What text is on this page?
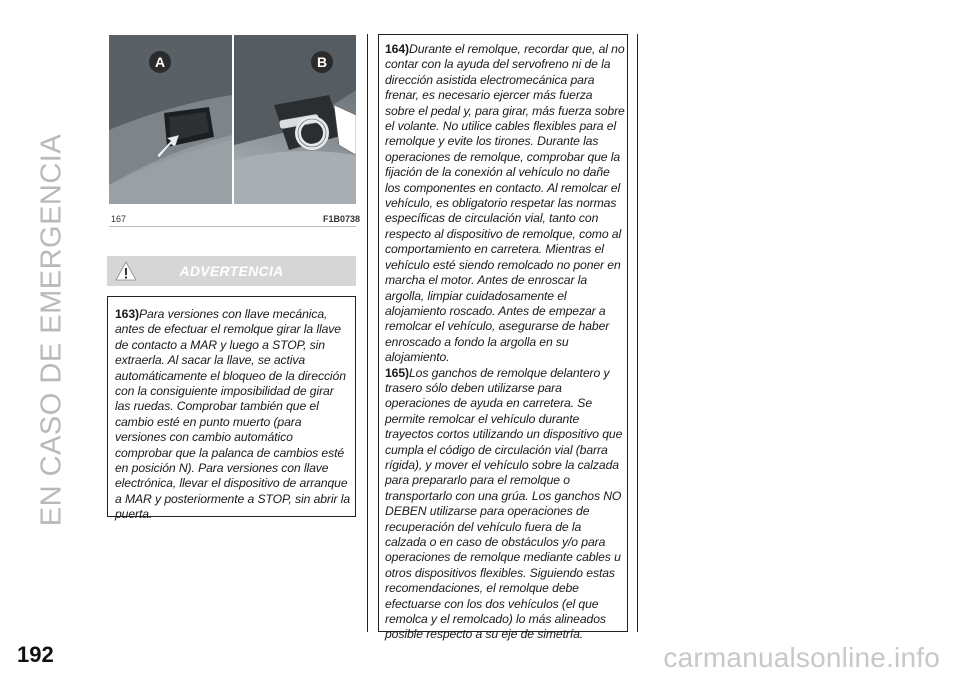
EN CASO DE EMERGENCIA
192
A	B
167	F1B0738
ADVERTENCIA

163)Para versiones con llave mecánica, antes de efectuar el remolque girar la llave de contacto a MAR y luego a STOP, sin extraerla. Al sacar la llave, se activa automáticamente el bloqueo de la dirección con la consiguiente imposibilidad de girar las ruedas. Comprobar también que el cambio esté en punto muerto (para versiones con cambio automático comprobar que la palanca de cambios esté en posición N). Para versiones con llave electrónica, llevar el dispositivo de arranque a MAR y posteriormente a STOP, sin abrir la puerta.

164)Durante el remolque, recordar que, al no contar con la ayuda del servofreno ni de la dirección asistida electromecánica para frenar, es necesario ejercer más fuerza sobre el pedal y, para girar, más fuerza sobre el volante. No utilice cables flexibles para el remolque y evite los tirones. Durante las operaciones de remolque, comprobar que la fijación de la conexión al vehículo no dañe los componentes en contacto. Al remolcar el vehículo, es obligatorio respetar las normas específicas de circulación vial, tanto con respecto al dispositivo de remolque, como al comportamiento en carretera. Mientras el vehículo esté siendo remolcado no poner en marcha el motor. Antes de enroscar la argolla, limpiar cuidadosamente el alojamiento roscado. Antes de empezar a remolcar el vehículo, asegurarse de haber enroscado a fondo la argolla en su alojamiento.

165)Los ganchos de remolque delantero y trasero sólo deben utilizarse para operaciones de ayuda en carretera. Se permite remolcar el vehículo durante trayectos cortos utilizando un dispositivo que cumpla el código de circulación vial (barra rígida), y mover el vehículo sobre la calzada para prepararlo para el remolque o transportarlo con una grúa. Los ganchos NO DEBEN utilizarse para operaciones de recuperación del vehículo fuera de la calzada o en caso de obstáculos y/o para operaciones de remolque mediante cables u otros dispositivos flexibles. Siguiendo estas recomendaciones, el remolque debe efectuarse con los dos vehículos (el que remolca y el remolcado) lo más alineados posible respecto a su eje de simetría.

carmanualsonline.info
